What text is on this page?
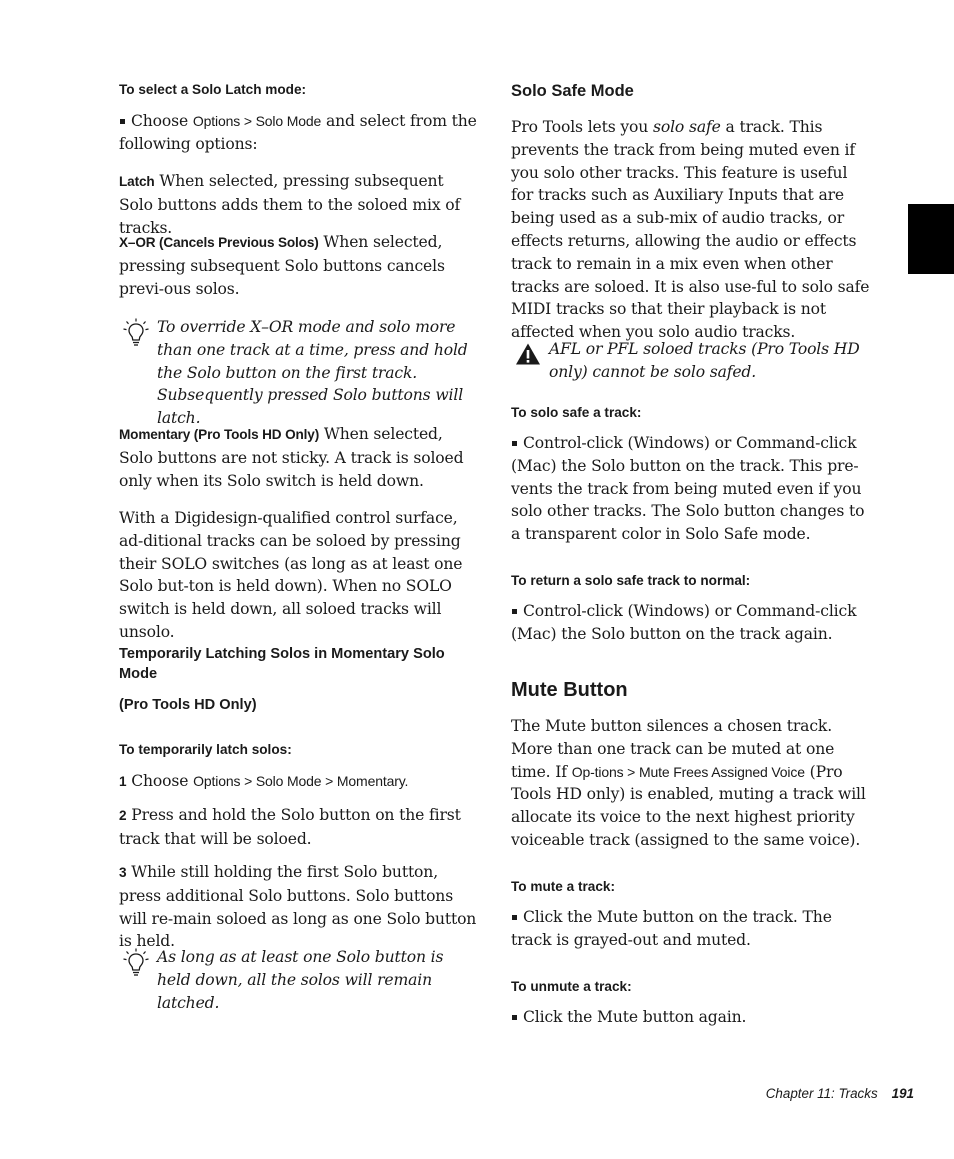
To select a Solo Latch mode:

Choose Options > Solo Mode and select from the following options:

Latch When selected, pressing subsequent Solo buttons adds them to the soloed mix of tracks.

X–OR (Cancels Previous Solos) When selected, pressing subsequent Solo buttons cancels previ-ous solos.

To override X–OR mode and solo more than one track at a time, press and hold the Solo button on the first track. Subsequently pressed Solo buttons will latch.

Momentary (Pro Tools HD Only) When selected, Solo buttons are not sticky. A track is soloed only when its Solo switch is held down.

With a Digidesign-qualified control surface, ad-ditional tracks can be soloed by pressing their SOLO switches (as long as at least one Solo but-ton is held down). When no SOLO switch is held down, all soloed tracks will unsolo.

Temporarily Latching Solos in Momentary Solo Mode

(Pro Tools HD Only)

To temporarily latch solos:

1 Choose Options > Solo Mode > Momentary.

2 Press and hold the Solo button on the first track that will be soloed.

3 While still holding the first Solo button, press additional Solo buttons. Solo buttons will re-main soloed as long as one Solo button is held.

As long as at least one Solo button is held down, all the solos will remain latched.

Solo Safe Mode

Pro Tools lets you solo safe a track. This prevents the track from being muted even if you solo other tracks. This feature is useful for tracks such as Auxiliary Inputs that are being used as a sub-mix of audio tracks, or effects returns, allowing the audio or effects track to remain in a mix even when other tracks are soloed. It is also use-ful to solo safe MIDI tracks so that their playback is not affected when you solo audio tracks.

AFL or PFL soloed tracks (Pro Tools HD only) cannot be solo safed.

To solo safe a track:

Control-click (Windows) or Command-click (Mac) the Solo button on the track. This pre-vents the track from being muted even if you solo other tracks. The Solo button changes to a transparent color in Solo Safe mode.

To return a solo safe track to normal:

Control-click (Windows) or Command-click (Mac) the Solo button on the track again.

Mute Button

The Mute button silences a chosen track. More than one track can be muted at one time. If Op-tions > Mute Frees Assigned Voice (Pro Tools HD only) is enabled, muting a track will allocate its voice to the next highest priority voiceable track (assigned to the same voice).

To mute a track:

Click the Mute button on the track. The track is grayed-out and muted.

To unmute a track:

Click the Mute button again.

Chapter 11: Tracks 191
